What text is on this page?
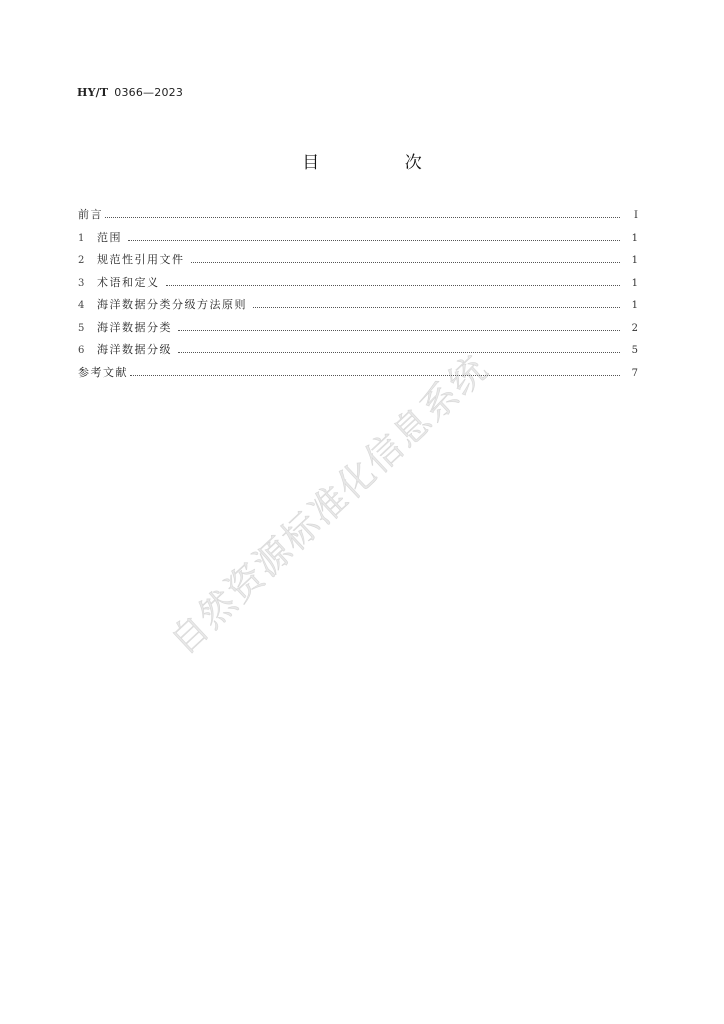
HY/T 0366—2023
目 次
前言	Ⅰ
1	范围	1
2	规范性引用文件	1
3	术语和定义	1
4	海洋数据分类分级方法原则	1
5	海洋数据分类	2
6	海洋数据分级	5
参考文献	7
自然资源标准化信息系统
